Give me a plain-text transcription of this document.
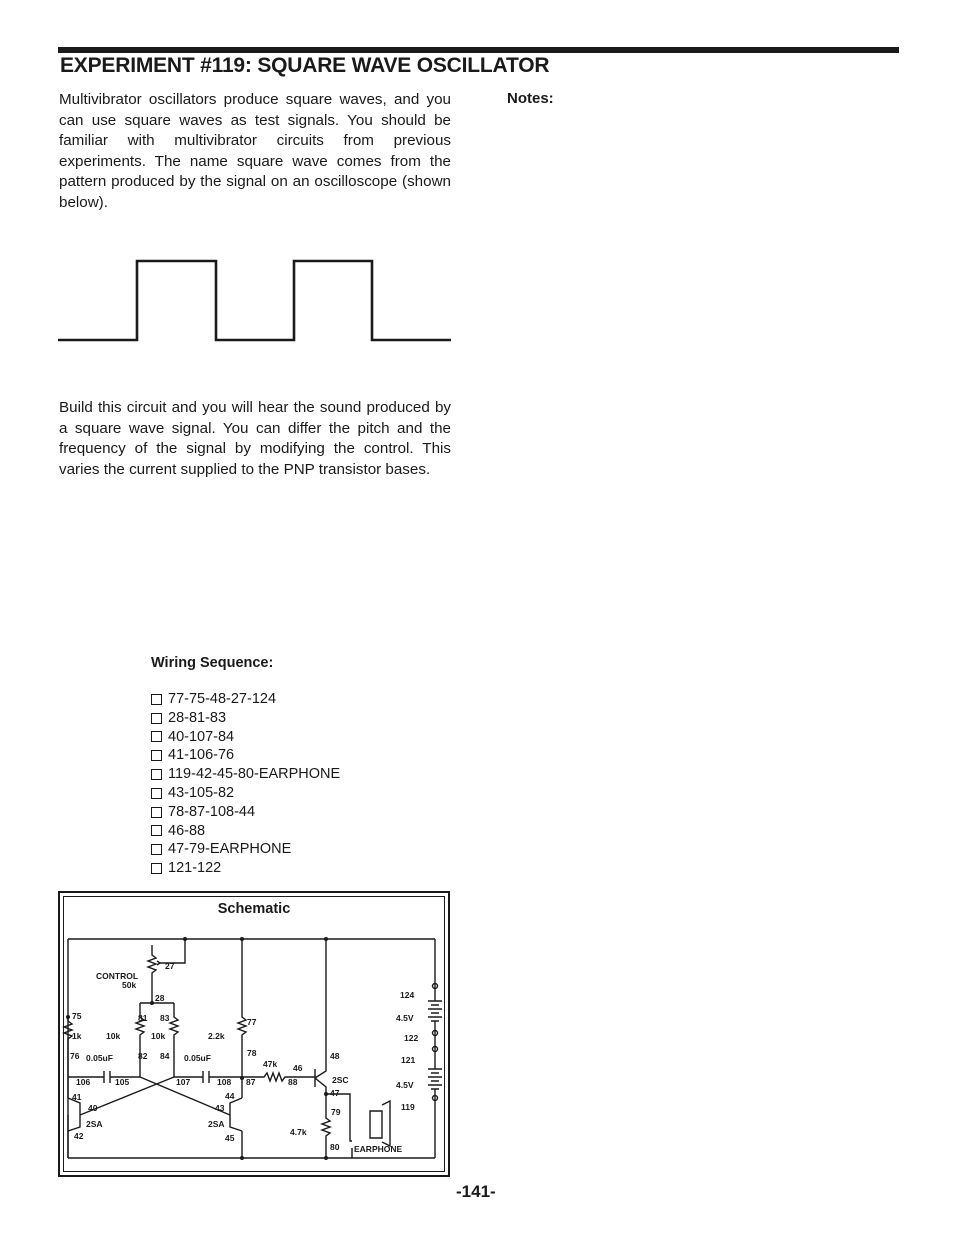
EXPERIMENT #119: SQUARE WAVE OSCILLATOR

Multivibrator oscillators produce square waves, and you can use square waves as test signals. You should be familiar with multivibrator circuits from previous experiments. The name square wave comes from the pattern produced by the signal on an oscilloscope (shown below).

Notes:

Build this circuit and you will hear the sound produced by a square wave signal. You can differ the pitch and the frequency of the signal by modifying the control. This varies the current supplied to the PNP transistor bases.

Wiring Sequence:
77-75-48-27-124
28-81-83
40-107-84
41-106-76
119-42-45-80-EARPHONE
43-105-82
78-87-108-44
46-88
47-79-EARPHONE
121-122
Schematic
CONTROL
50k
27
28
75
1k
76
81 83
10k	10k
82 84
0.05uF	0.05uF
106	105	107	108
2.2k
77
78
47k 46
87	88
48
2SC
47
79
4.7k
80 EARPHONE
41
40
42
2SA
43
44
45
2SA
124
4.5V
122
121
4.5V
119
-141-
